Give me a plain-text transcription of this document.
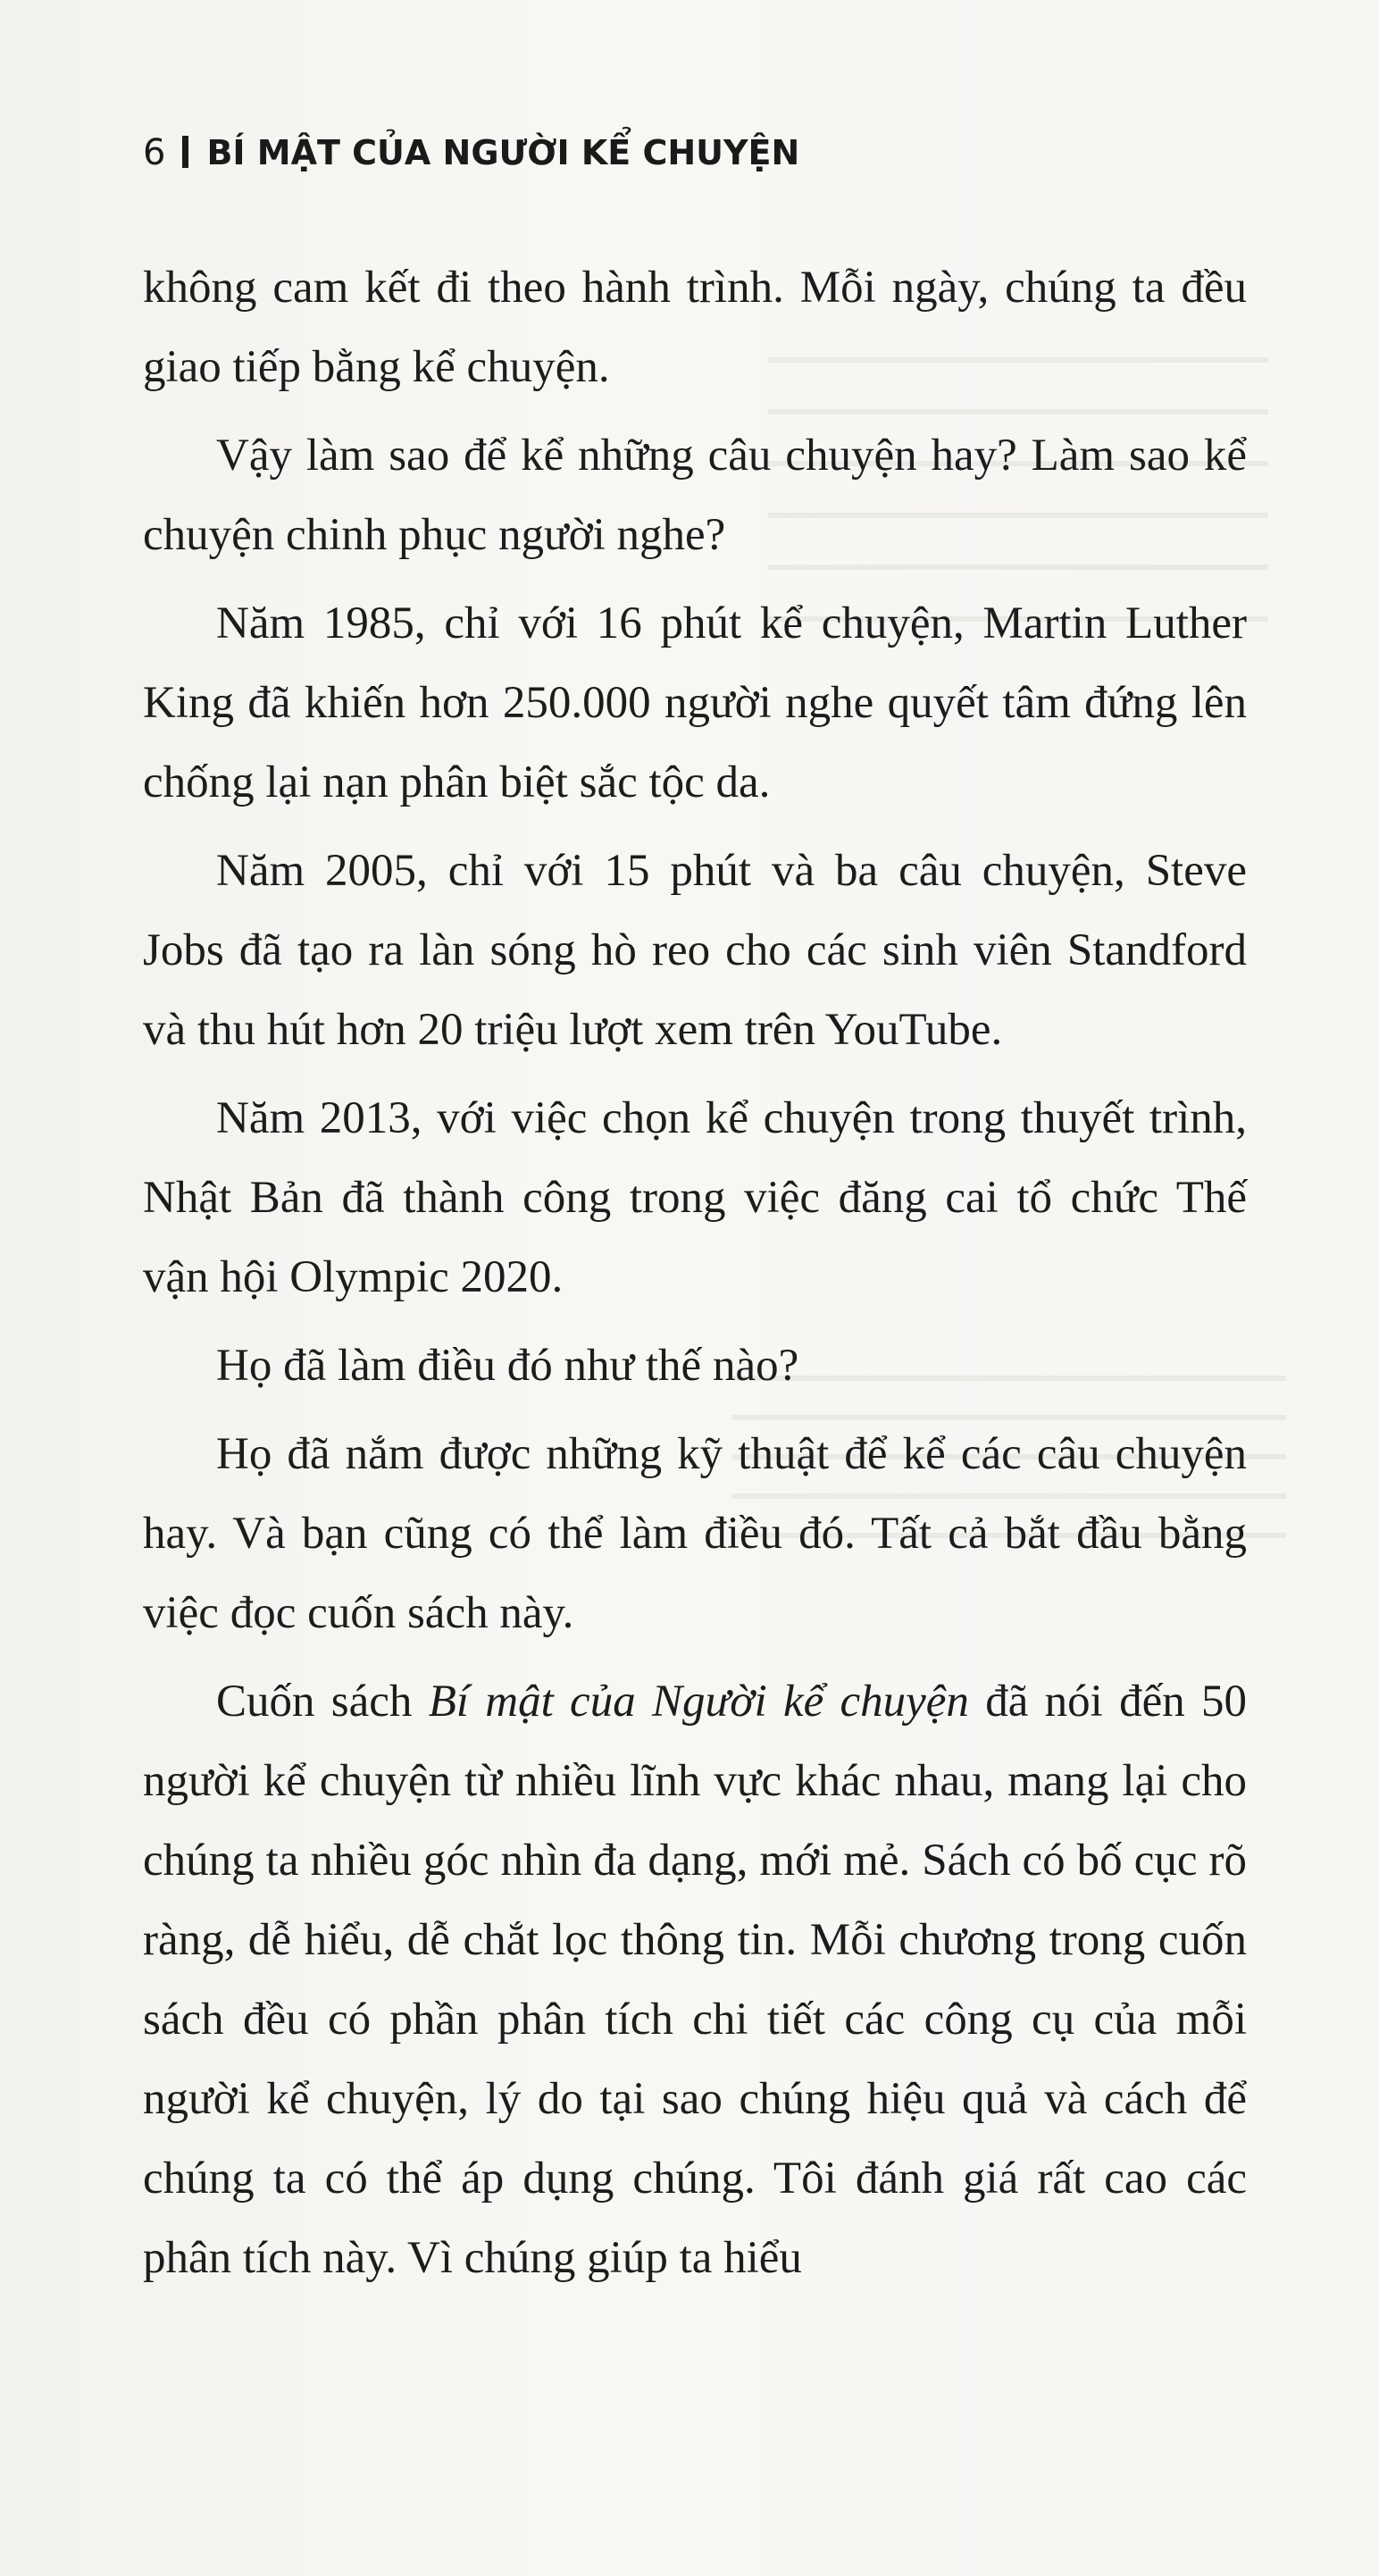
6 BÍ MẬT CỦA NGƯỜI KỂ CHUYỆN

không cam kết đi theo hành trình. Mỗi ngày, chúng ta đều giao tiếp bằng kể chuyện.

Vậy làm sao để kể những câu chuyện hay? Làm sao kể chuyện chinh phục người nghe?

Năm 1985, chỉ với 16 phút kể chuyện, Martin Luther King đã khiến hơn 250.000 người nghe quyết tâm đứng lên chống lại nạn phân biệt sắc tộc da.

Năm 2005, chỉ với 15 phút và ba câu chuyện, Steve Jobs đã tạo ra làn sóng hò reo cho các sinh viên Standford và thu hút hơn 20 triệu lượt xem trên YouTube.

Năm 2013, với việc chọn kể chuyện trong thuyết trình, Nhật Bản đã thành công trong việc đăng cai tổ chức Thế vận hội Olympic 2020.

Họ đã làm điều đó như thế nào?

Họ đã nắm được những kỹ thuật để kể các câu chuyện hay. Và bạn cũng có thể làm điều đó. Tất cả bắt đầu bằng việc đọc cuốn sách này.

Cuốn sách Bí mật của Người kể chuyện đã nói đến 50 người kể chuyện từ nhiều lĩnh vực khác nhau, mang lại cho chúng ta nhiều góc nhìn đa dạng, mới mẻ. Sách có bố cục rõ ràng, dễ hiểu, dễ chắt lọc thông tin. Mỗi chương trong cuốn sách đều có phần phân tích chi tiết các công cụ của mỗi người kể chuyện, lý do tại sao chúng hiệu quả và cách để chúng ta có thể áp dụng chúng. Tôi đánh giá rất cao các phân tích này. Vì chúng giúp ta hiểu
